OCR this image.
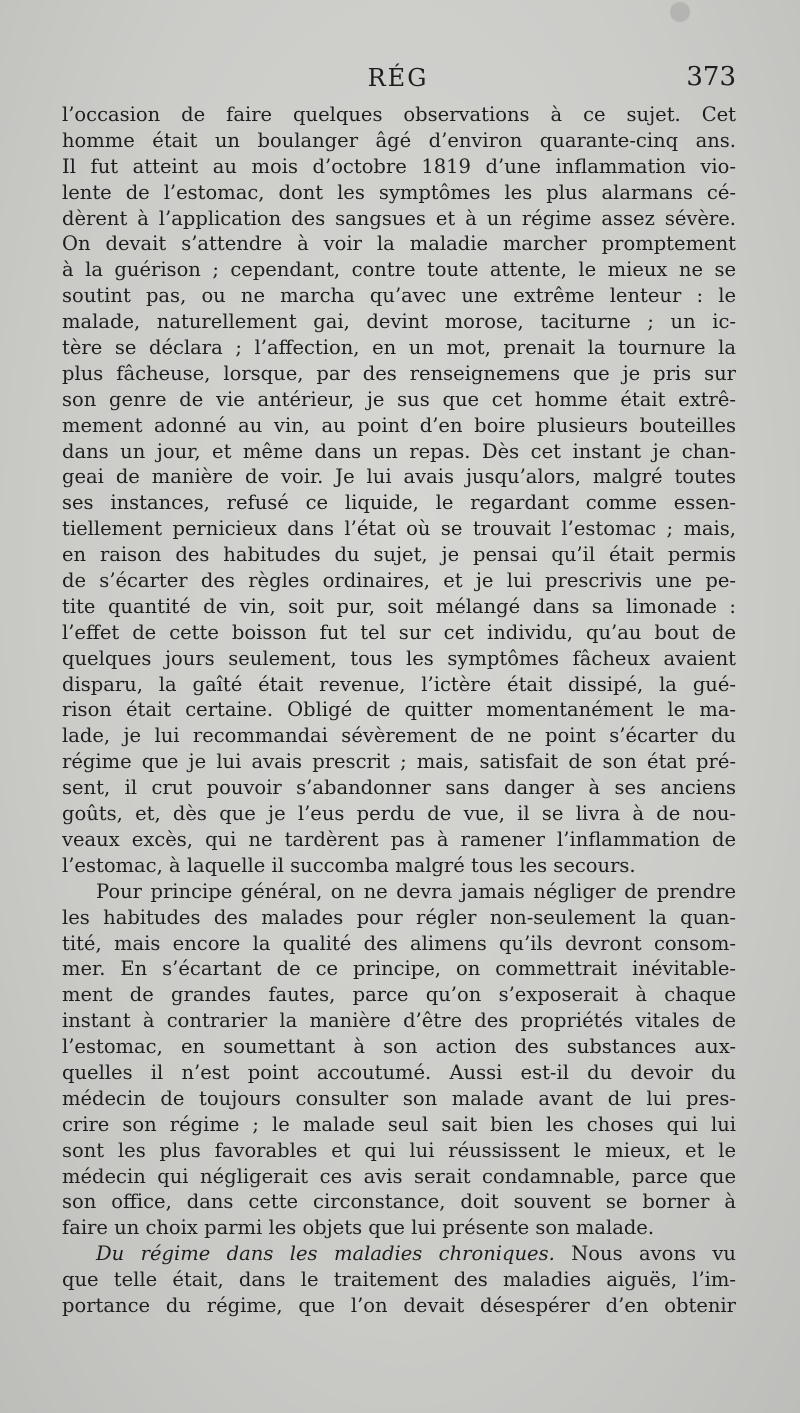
RÉG	373
l’occasion de faire quelques observations à ce sujet. Cet
homme était un boulanger âgé d’environ quarante-cinq ans.
Il fut atteint au mois d’octobre 1819 d’une inflammation vio-
lente de l’estomac, dont les symptômes les plus alarmans cé-
dèrent à l’application des sangsues et à un régime assez sévère.
On devait s’attendre à voir la maladie marcher promptement
à la guérison ; cependant, contre toute attente, le mieux ne se
soutint pas, ou ne marcha qu’avec une extrême lenteur : le
malade, naturellement gai, devint morose, taciturne ; un ic-
tère se déclara ; l’affection, en un mot, prenait la tournure la
plus fâcheuse, lorsque, par des renseignemens que je pris sur
son genre de vie antérieur, je sus que cet homme était extrê-
mement adonné au vin, au point d’en boire plusieurs bouteilles
dans un jour, et même dans un repas. Dès cet instant je chan-
geai de manière de voir. Je lui avais jusqu’alors, malgré toutes
ses instances, refusé ce liquide, le regardant comme essen-
tiellement pernicieux dans l’état où se trouvait l’estomac ; mais,
en raison des habitudes du sujet, je pensai qu’il était permis
de s’écarter des règles ordinaires, et je lui prescrivis une pe-
tite quantité de vin, soit pur, soit mélangé dans sa limonade :
l’effet de cette boisson fut tel sur cet individu, qu’au bout de
quelques jours seulement, tous les symptômes fâcheux avaient
disparu, la gaîté était revenue, l’ictère était dissipé, la gué-
rison était certaine. Obligé de quitter momentanément le ma-
lade, je lui recommandai sévèrement de ne point s’écarter du
régime que je lui avais prescrit ; mais, satisfait de son état pré-
sent, il crut pouvoir s’abandonner sans danger à ses anciens
goûts, et, dès que je l’eus perdu de vue, il se livra à de nou-
veaux excès, qui ne tardèrent pas à ramener l’inflammation de
l’estomac, à laquelle il succomba malgré tous les secours.
Pour principe général, on ne devra jamais négliger de prendre
les habitudes des malades pour régler non-seulement la quan-
tité, mais encore la qualité des alimens qu’ils devront consom-
mer. En s’écartant de ce principe, on commettrait inévitable-
ment de grandes fautes, parce qu’on s’exposerait à chaque
instant à contrarier la manière d’être des propriétés vitales de
l’estomac, en soumettant à son action des substances aux-
quelles il n’est point accoutumé. Aussi est-il du devoir du
médecin de toujours consulter son malade avant de lui pres-
crire son régime ; le malade seul sait bien les choses qui lui
sont les plus favorables et qui lui réussissent le mieux, et le
médecin qui négligerait ces avis serait condamnable, parce que
son office, dans cette circonstance, doit souvent se borner à
faire un choix parmi les objets que lui présente son malade.
Du régime dans les maladies chroniques. Nous avons vu
que telle était, dans le traitement des maladies aiguës, l’im-
portance du régime, que l’on devait désespérer d’en obtenir
